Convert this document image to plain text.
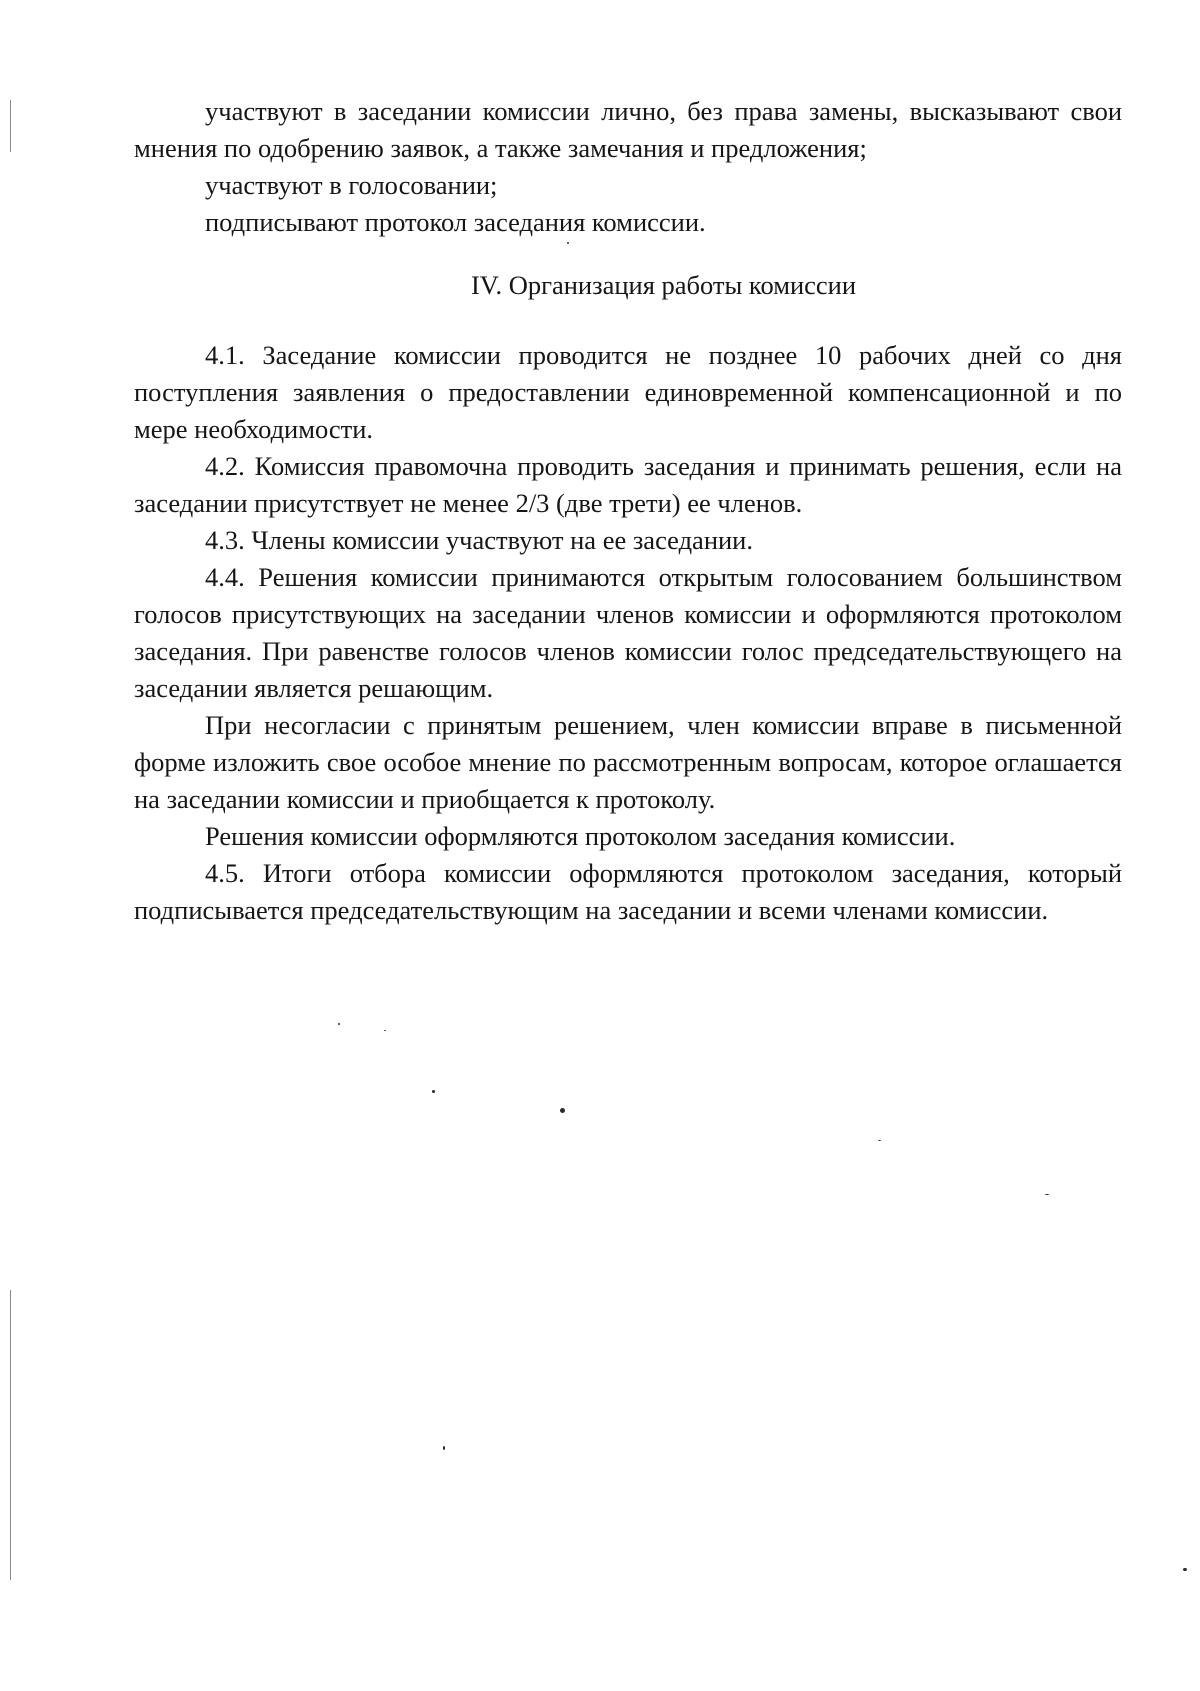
участвуют в заседании комиссии лично, без права замены, высказывают свои мнения по одобрению заявок, а также замечания и предложения;

участвуют в голосовании;

подписывают протокол заседания комиссии.

IV. Организация работы комиссии

4.1. Заседание комиссии проводится не позднее 10 рабочих дней со дня поступления заявления о предоставлении единовременной компенсационной и по мере необходимости.

4.2. Комиссия правомочна проводить заседания и принимать решения, если на заседании присутствует не менее 2/3 (две трети) ее членов.

4.3. Члены комиссии участвуют на ее заседании.

4.4. Решения комиссии принимаются открытым голосованием большинством голосов присутствующих на заседании членов комиссии и оформляются протоколом заседания. При равенстве голосов членов комиссии голос председательствующего на заседании является решающим.

При несогласии с принятым решением, член комиссии вправе в письменной форме изложить свое особое мнение по рассмотренным вопросам, которое оглашается на заседании комиссии и приобщается к протоколу.

Решения комиссии оформляются протоколом заседания комиссии.

4.5. Итоги отбора комиссии оформляются протоколом заседания, который подписывается председательствующим на заседании и всеми членами комиссии.
